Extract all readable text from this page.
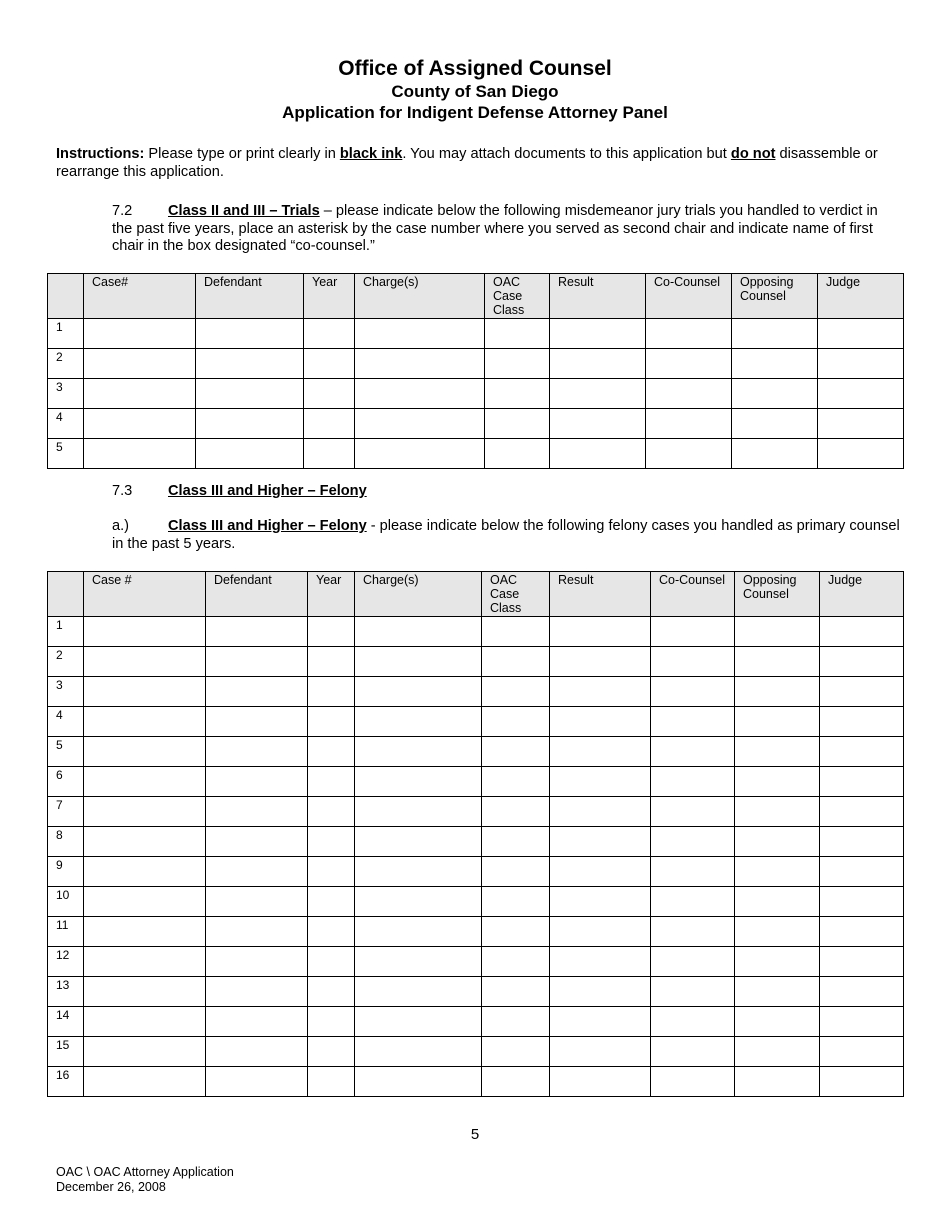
Office of Assigned Counsel
County of San Diego
Application for Indigent Defense Attorney Panel
Instructions: Please type or print clearly in black ink. You may attach documents to this application but do not disassemble or rearrange this application.
7.2 Class II and III – Trials – please indicate below the following misdemeanor jury trials you handled to verdict in the past five years, place an asterisk by the case number where you served as second chair and indicate name of first chair in the box designated “co-counsel.”
	Case#	Defendant	Year	Charge(s)	OAC Case Class	Result	Co-Counsel	Opposing Counsel	Judge
1									
2									
3									
4									
5									
7.3 Class III and Higher – Felony
a.)	Class III and Higher – Felony - please indicate below the following felony cases you handled as primary counsel in the past 5 years.
	Case #	Defendant	Year	Charge(s)	OAC Case Class	Result	Co-Counsel	Opposing Counsel	Judge
1									
2									
3									
4									
5									
6									
7									
8									
9									
10									
11									
12									
13									
14									
15									
16									
5
OAC \ OAC Attorney Application
December 26, 2008
